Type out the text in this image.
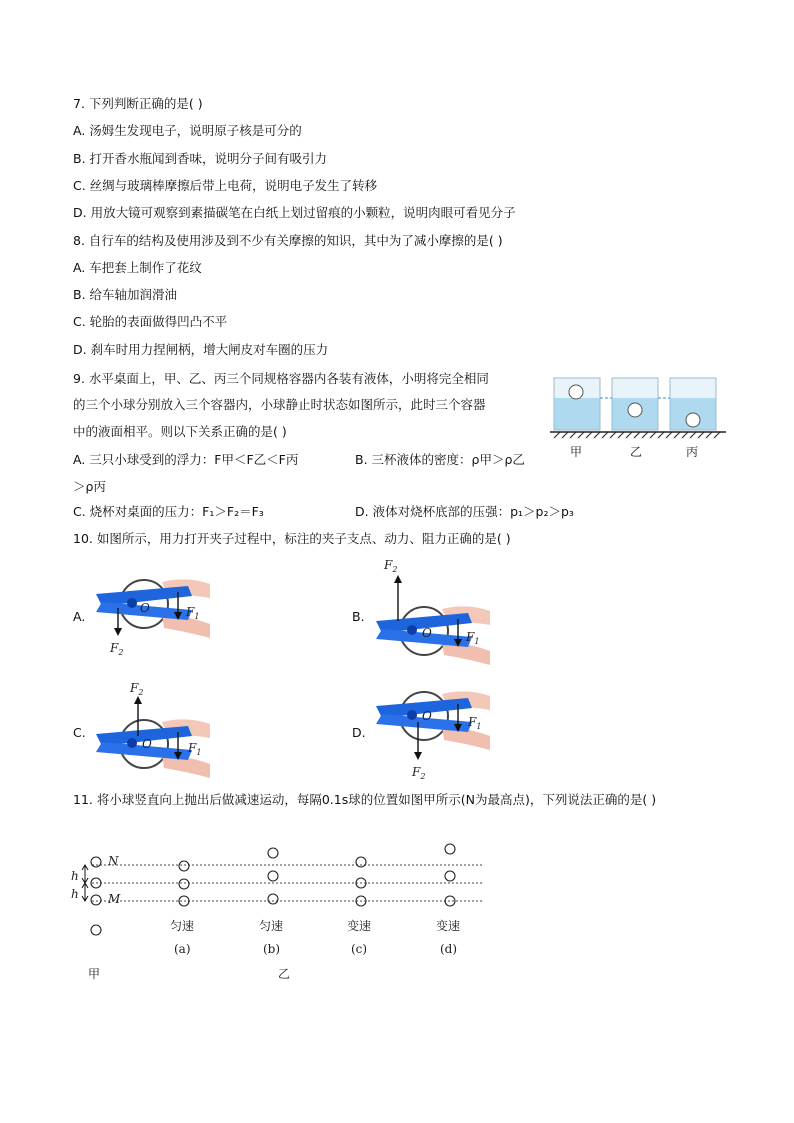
7. 下列判断正确的是( )
A. 汤姆生发现电子，说明原子核是可分的
B. 打开香水瓶闻到香味，说明分子间有吸引力
C. 丝绸与玻璃棒摩擦后带上电荷，说明电子发生了转移
D. 用放大镜可观察到素描碳笔在白纸上划过留痕的小颗粒，说明肉眼可看见分子
8. 自行车的结构及使用涉及到不少有关摩擦的知识，其中为了减小摩擦的是( )
A. 车把套上制作了花纹
B. 给车轴加润滑油
C. 轮胎的表面做得凹凸不平
D. 刹车时用力捏闸柄，增大闸皮对车圈的压力
9. 水平桌面上，甲、乙、丙三个同规格容器内各装有液体，小明将完全相同
的三个小球分别放入三个容器内，小球静止时状态如图所示，此时三个容器
中的液面相平。则以下关系正确的是( )
A. 三只小球受到的浮力：F甲＜F乙＜F丙	B. 三杯液体的密度：ρ甲＞ρ乙
＞ρ丙
C. 烧杯对桌面的压力：F₁＞F₂＝F₃	D. 液体对烧杯底部的压强：p₁＞p₂＞p₃
甲	乙	丙
10. 如图所示，用力打开夹子过程中，标注的夹子支点、动力、阻力正确的是( )
A.
O	$F_1$
$F_2$
B.
O	$F_1$
$F_2$
C.
O	$F_1$
$F_2$
D.
O	$F_1$
$F_2$
11. 将小球竖直向上抛出后做减速运动，每隔0.1s球的位置如图甲所示(N为最高点)，下列说法正确的是( )
N
M
h
h
匀速
(a)
匀速
(b)
变速
(c)
变速
(d)
甲	乙
